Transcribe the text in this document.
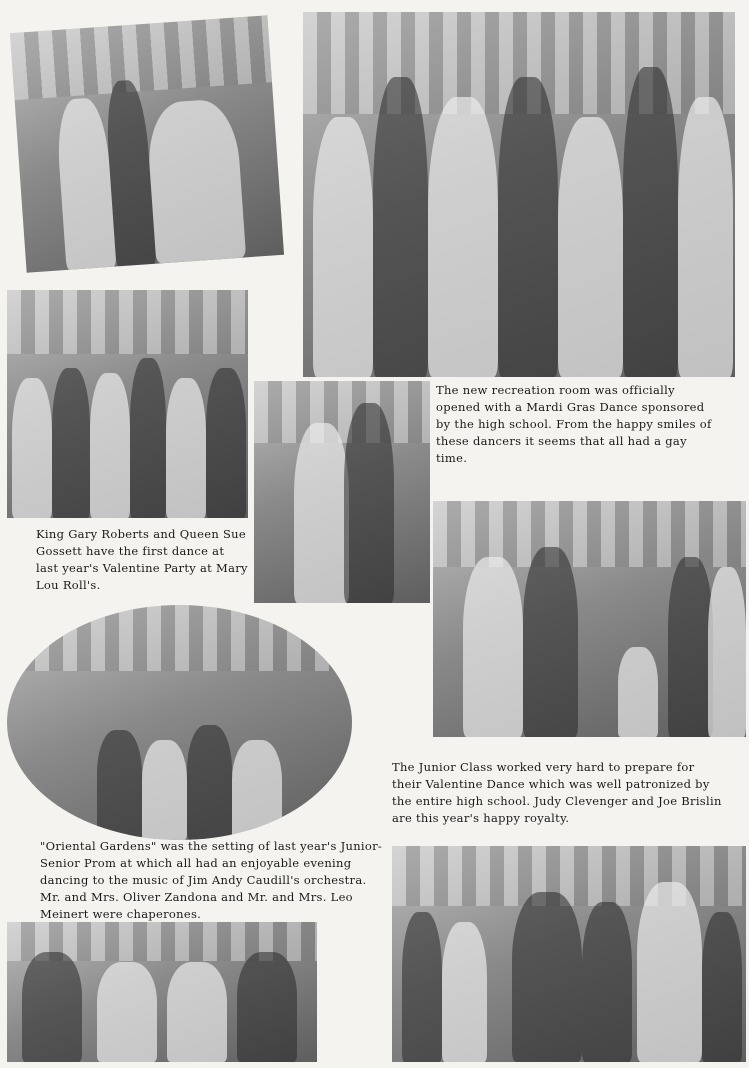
The new recreation room was officially opened with a Mardi Gras Dance sponsored by the high school. From the happy smiles of these dancers it seems that all had a gay time.
King Gary Roberts and Queen Sue Gossett have the first dance at last year's Valentine Party at Mary Lou Roll's.
The Junior Class worked very hard to prepare for their Valentine Dance which was well patronized by the entire high school. Judy Clevenger and Joe Brislin are this year's happy royalty.
"Oriental Gardens" was the setting of last year's Junior-Senior Prom at which all had an enjoyable evening dancing to the music of Jim Andy Caudill's orchestra. Mr. and Mrs. Oliver Zandona and Mr. and Mrs. Leo Meinert were chaperones.
